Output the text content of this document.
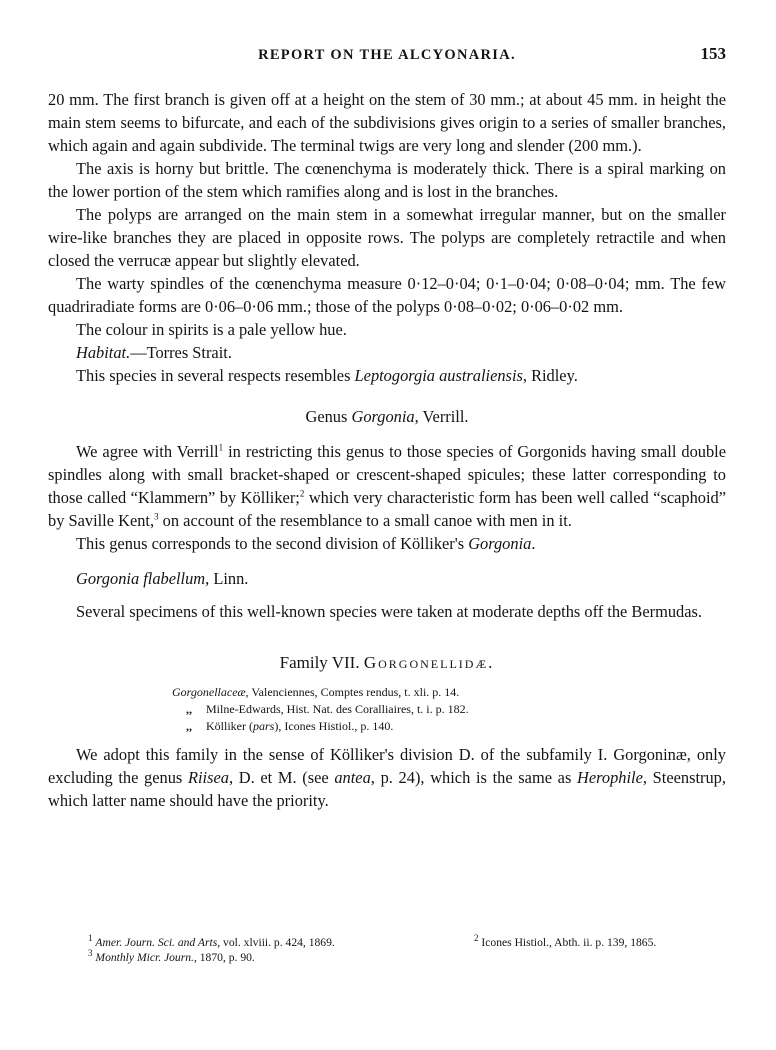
REPORT ON THE ALCYONARIA.	153

20 mm. The first branch is given off at a height on the stem of 30 mm.; at about 45 mm. in height the main stem seems to bifurcate, and each of the subdivisions gives origin to a series of smaller branches, which again and again subdivide. The terminal twigs are very long and slender (200 mm.).

The axis is horny but brittle. The cœnenchyma is moderately thick. There is a spiral marking on the lower portion of the stem which ramifies along and is lost in the branches.

The polyps are arranged on the main stem in a somewhat irregular manner, but on the smaller wire-like branches they are placed in opposite rows. The polyps are completely retractile and when closed the verrucæ appear but slightly elevated.

The warty spindles of the cœnenchyma measure 0·12–0·04; 0·1–0·04; 0·08–0·04; mm. The few quadriradiate forms are 0·06–0·06 mm.; those of the polyps 0·08–0·02; 0·06–0·02 mm.

The colour in spirits is a pale yellow hue.

Habitat.—Torres Strait.

This species in several respects resembles Leptogorgia australiensis, Ridley.

Genus Gorgonia, Verrill.

We agree with Verrill$^1$ in restricting this genus to those species of Gorgonids having small double spindles along with small bracket-shaped or crescent-shaped spicules; these latter corresponding to those called “Klammern” by Kölliker;$^2$ which very characteristic form has been well called “scaphoid” by Saville Kent,$^3$ on account of the resemblance to a small canoe with men in it.

This genus corresponds to the second division of Kölliker's Gorgonia.

Gorgonia flabellum, Linn.

Several specimens of this well-known species were taken at moderate depths off the Bermudas.

Family VII. Gorgonellidæ.
Gorgonellaceæ, Valenciennes, Comptes rendus, t. xli. p. 14.
,, Milne-Edwards, Hist. Nat. des Coralliaires, t. i. p. 182.
,, Kölliker (pars), Icones Histiol., p. 140.

We adopt this family in the sense of Kölliker's division D. of the subfamily I. Gorgoninæ, only excluding the genus Riisea, D. et M. (see antea, p. 24), which is the same as Herophile, Steenstrup, which latter name should have the priority.

$^1$ Amer. Journ. Sci. and Arts, vol. xlviii. p. 424, 1869.	$^2$ Icones Histiol., Abth. ii. p. 139, 1865.
$^3$ Monthly Micr. Journ., 1870, p. 90.
